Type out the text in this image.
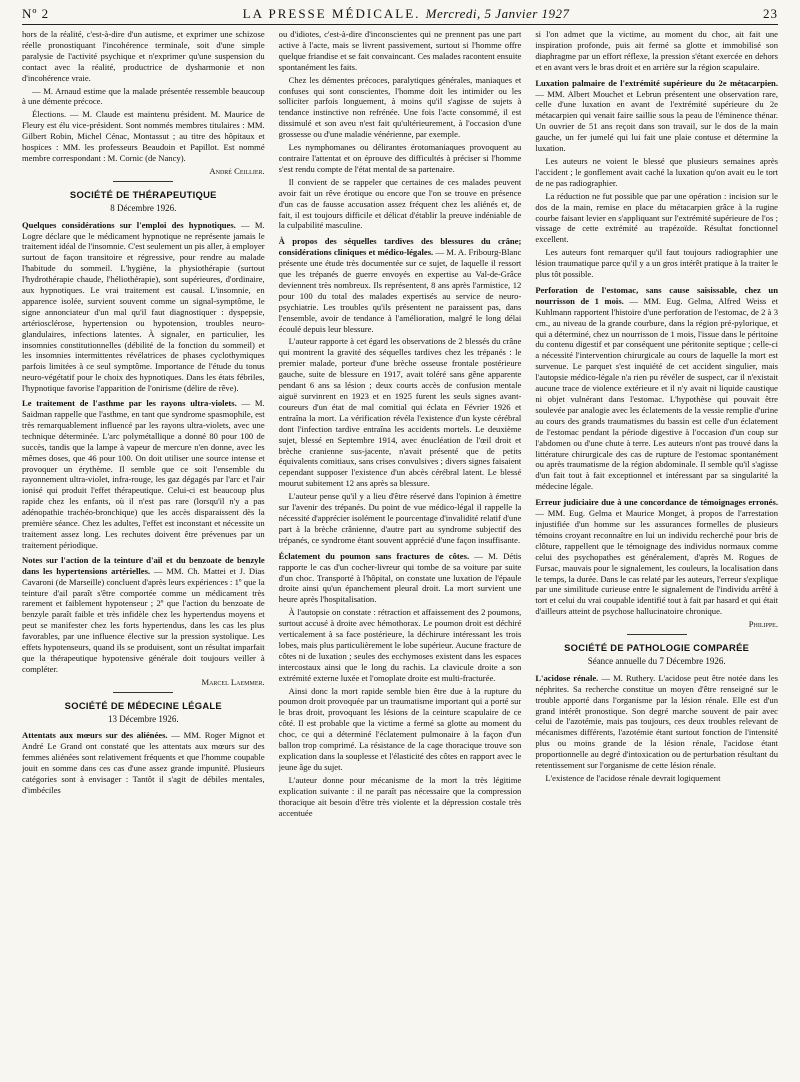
Nº 2	LA PRESSE MÉDICALE. Mercredi, 5 Janvier 1927	23

hors de la réalité, c'est-à-dire d'un autisme, et exprimer une schizose réelle pronostiquant l'incohérence terminale, soit d'une simple paralysie de l'activité psychique et n'exprimer qu'une suspension du contact avec la réalité, productrice de dysharmonie et non d'incohérence vraie.

— M. Arnaud estime que la malade présentée ressemble beaucoup à une démente précoce.

Élections. — M. Claude est maintenu président. M. Maurice de Fleury est élu vice-président. Sont nommés membres titulaires : MM. Gilbert Robin, Michel Cénac, Montassut ; au titre des hôpitaux et hospices : MM. les professeurs Beaudoin et Papillot. Est nommé membre correspondant : M. Cornic (de Nancy).

André Ceillier.
SOCIÉTÉ DE THÉRAPEUTIQUE
8 Décembre 1926.

Quelques considérations sur l'emploi des hypnotiques. — M. Logre déclare que le médicament hypnotique ne représente jamais le traitement idéal de l'insomnie. C'est seulement un pis aller, à employer surtout de façon transitoire et régressive, pour rendre au malade l'habitude du sommeil. L'hygiène, la physiothérapie (surtout l'hydrothérapie chaude, l'héliothérapie), sont supérieures, d'ordinaire, aux hypnotiques. Le vrai traitement est causal. L'insomnie, en apparence isolée, survient souvent comme un signal-symptôme, le signe annonciateur d'un mal qu'il faut diagnostiquer : dyspepsie, artériosclérose, hypertension ou hypotension, troubles neuro-glandulaires, infections latentes. À signaler, en particulier, les insomnies constitutionnelles (débilité de la fonction du sommeil) et les insomnies intermittentes révélatrices de phases cyclothymiques parfois limitées à ce seul symptôme. Importance de l'étude du tonus neuro-végétatif pour le choix des hypnotiques. Dans les états fébriles, l'hypnotique favorise l'apparition de l'onirisme (délire de rêve).

Le traitement de l'asthme par les rayons ultra-violets. — M. Saidman rappelle que l'asthme, en tant que syndrome spasmophile, est très remarquablement influencé par les rayons ultra-violets, avec une technique déterminée. L'arc polymétallique a donné 80 pour 100 de succès, tandis que la lampe à vapeur de mercure n'en donne, avec les mêmes doses, que 46 pour 100. On doit utiliser une source intense et provoquer un érythème. Il semble que ce soit l'ensemble du rayonnement ultra-violet, infra-rouge, les gaz dégagés par l'arc et l'air ionisé qui produit l'effet thérapeutique. Celui-ci est beaucoup plus rapide chez les enfants, où il n'est pas rare (lorsqu'il n'y a pas adénopathie trachéo-bronchique) que les accès disparaissent dès la première séance. Chez les adultes, l'effet est inconstant et nécessite un traitement assez long. Les rechutes doivent être prévenues par un traitement périodique.

Notes sur l'action de la teinture d'ail et du benzoate de benzyle dans les hypertensions artérielles. — MM. Ch. Mattei et J. Dias Cavaroni (de Marseille) concluent d'après leurs expériences : 1º que la teinture d'ail paraît s'être comportée comme un médicament très rarement et faiblement hypotenseur ; 2º que l'action du benzoate de benzyle paraît faible et très infidèle chez les hypertendus moyens et peut se manifester chez les forts hypertendus, dans les cas les plus favorables, par une influence élective sur la pression systolique. Les effets hypotenseurs, quand ils se produisent, sont un résultat imparfait que la thérapeutique hypotensive générale doit toujours veiller à compléter.

Marcel Laemmer.
SOCIÉTÉ DE MÉDECINE LÉGALE
13 Décembre 1926.

Attentats aux mœurs sur des aliénées. — MM. Roger Mignot et André Le Grand ont constaté que les attentats aux mœurs sur des femmes aliénées sont relativement fréquents et que l'homme coupable jouit en somme dans ces cas d'une assez grande impunité. Plusieurs catégories sont à envisager : Tantôt il s'agit de débiles mentales, d'imbéciles

ou d'idiotes, c'est-à-dire d'inconscientes qui ne prennent pas une part active à l'acte, mais se livrent passivement, surtout si l'homme offre quelque friandise et se fait convaincant. Ces malades racontent ensuite spontanément les faits.

Chez les démentes précoces, paralytiques générales, maniaques et confuses qui sont conscientes, l'homme doit les intimider ou les solliciter parfois longuement, à moins qu'il s'agisse de sujets à tendance instinctive non refrénée. Une fois l'acte consommé, il est dissimulé et son aveu n'est fait qu'ultérieurement, à l'occasion d'une grossesse ou d'une maladie vénérienne, par exemple.

Les nymphomanes ou délirantes érotomaniaques provoquent au contraire l'attentat et on éprouve des difficultés à préciser si l'homme s'est rendu compte de l'état mental de sa partenaire.

Il convient de se rappeler que certaines de ces malades peuvent avoir fait un rêve érotique ou encore que l'on se trouve en présence d'un cas de fausse accusation assez fréquent chez les aliénés et, de fait, il est toujours difficile et délicat d'établir la preuve indéniable de la culpabilité masculine.

À propos des séquelles tardives des blessures du crâne; considérations cliniques et médico-légales. — M. A. Fribourg-Blanc présente une étude très documentée sur ce sujet, de laquelle il ressort que les trépanés de guerre envoyés en expertise au Val-de-Grâce deviennent très nombreux. Ils représentent, 8 ans après l'armistice, 12 pour 100 du total des malades expertisés au service de neuro-psychiatrie. Les troubles qu'ils présentent ne paraissent pas, dans l'ensemble, avoir de tendance à l'amélioration, malgré le long délai écoulé depuis leur blessure.

L'auteur rapporte à cet égard les observations de 2 blessés du crâne qui montrent la gravité des séquelles tardives chez les trépanés : le premier malade, porteur d'une brèche osseuse frontale postérieure gauche, suite de blessure en 1917, avait toléré sans gêne apparente pendant 6 ans sa lésion ; deux courts accès de confusion mentale aiguë survinrent en 1923 et en 1925 furent les seuls signes avant-coureurs d'un état de mal comitial qui éclata en Février 1926 et entraîna la mort. La vérification révéla l'existence d'un kyste cérébral dont l'infection tardive entraîna les accidents mortels. Le deuxième sujet, blessé en Septembre 1914, avec énucléation de l'œil droit et brèche cranienne sus-jacente, n'avait présenté que de petits équivalents comitiaux, sans crises convulsives ; divers signes faisaient cependant supposer l'existence d'un abcès cérébral latent. Le blessé mourut subitement 12 ans après sa blessure.

L'auteur pense qu'il y a lieu d'être réservé dans l'opinion à émettre sur l'avenir des trépanés. Du point de vue médico-légal il rappelle la nécessité d'apprécier isolément le pourcentage d'invalidité relatif d'une part à la brèche crânienne, d'autre part au syndrome subjectif des trépanés, ce syndrome étant souvent apprécié d'une façon insuffisante.

Éclatement du poumon sans fractures de côtes. — M. Détis rapporte le cas d'un cocher-livreur qui tombe de sa voiture par suite d'un choc. Transporté à l'hôpital, on constate une luxation de l'épaule droite ainsi qu'un épanchement pleural droit. La mort survient une heure après l'hospitalisation.

À l'autopsie on constate : rétraction et affaissement des 2 poumons, surtout accusé à droite avec hémothorax. Le poumon droit est déchiré verticalement à sa face postérieure, la déchirure intéressant les trois lobes, mais plus particulièrement le lobe supérieur. Aucune fracture de côtes ni de luxation ; seules des ecchymoses existent dans les espaces intercostaux ainsi que le long du rachis. La clavicule droite a son extrémité externe luxée et l'omoplate droite est multi-fracturée.

Ainsi donc la mort rapide semble bien être due à la rupture du poumon droit provoquée par un traumatisme important qui a porté sur le bras droit, provoquant les lésions de la ceinture scapulaire de ce côté. Il est probable que la victime a fermé sa glotte au moment du choc, ce qui a déterminé l'éclatement pulmonaire à la façon d'un ballon trop comprimé. La résistance de la cage thoracique trouve son explication dans la souplesse et l'élasticité des côtes en rapport avec le jeune âge du sujet.

L'auteur donne pour mécanisme de la mort la très légitime explication suivante : il ne paraît pas nécessaire que la compression thoracique ait besoin d'être très violente et la dépression costale très accentuée

si l'on admet que la victime, au moment du choc, ait fait une inspiration profonde, puis ait fermé sa glotte et immobilisé son diaphragme par un effort réflexe, la pression s'étant exercée en dehors et en avant vers le bras droit et en arrière sur la région scapulaire.

Luxation palmaire de l'extrémité supérieure du 2e métacarpien. — MM. Albert Mouchet et Lebrun présentent une observation rare, celle d'une luxation en avant de l'extrémité supérieure du 2e métacarpien qui venait faire saillie sous la peau de l'éminence thénar. Un ouvrier de 51 ans reçoit dans son travail, sur le dos de la main gauche, un fer jumelé qui lui fait une plaie contuse et détermine la luxation.

Les auteurs ne voient le blessé que plusieurs semaines après l'accident ; le gonflement avait caché la luxation qu'on avait eu le tort de ne pas radiographier.

La réduction ne fut possible que par une opération : incision sur le dos de la main, remise en place du métacarpien grâce à la rugine courbe faisant levier en s'appliquant sur l'extrémité supérieure de l'os ; vissage de cette extrémité au trapézoïde. Résultat fonctionnel excellent.

Les auteurs font remarquer qu'il faut toujours radiographier une lésion traumatique parce qu'il y a un gros intérêt pratique à la traiter le plus tôt possible.

Perforation de l'estomac, sans cause saisissable, chez un nourrisson de 1 mois. — MM. Eug. Gelma, Alfred Weiss et Kuhlmann rapportent l'histoire d'une perforation de l'estomac, de 2 à 3 cm., au niveau de la grande courbure, dans la région pré-pylorique, et qui a déterminé, chez un nourrisson de 1 mois, l'issue dans le péritoine du contenu digestif et par conséquent une péritonite septique ; celle-ci a nécessité l'intervention chirurgicale au cours de laquelle la mort est survenue. Le parquet s'est inquiété de cet accident singulier, mais l'autopsie médico-légale n'a rien pu révéler de suspect, car il n'existait aucune trace de violence extérieure et il n'y avait ni liquide caustique ni objet vulnérant dans l'estomac. L'hypothèse qui pouvait être soulevée par analogie avec les éclatements de la vessie remplie d'urine au cours des grands traumatismes du bassin est celle d'un éclatement de l'estomac pendant la période digestive à l'occasion d'un coup sur l'abdomen ou d'une chute à terre. Les auteurs n'ont pas trouvé dans la littérature chirurgicale des cas de rupture de l'estomac spontanément ou après traumatisme de la région abdominale. Il semble qu'il s'agisse d'un fait tout à fait exceptionnel et intéressant par sa singularité la médecine légale.

Erreur judiciaire due à une concordance de témoignages erronés. — MM. Eug. Gelma et Maurice Monget, à propos de l'arrestation injustifiée d'un homme sur les assurances formelles de plusieurs témoins croyant reconnaître en lui un individu recherché pour bris de clôture, rappellent que le témoignage des individus normaux comme celui des psychopathes est généralement, d'après M. Rogues de Fursac, mauvais pour le signalement, les couleurs, la localisation dans le temps, la durée. Dans le cas relaté par les auteurs, l'erreur s'explique par une similitude curieuse entre le signalement de l'individu arrêté à tort et celui du vrai coupable identifié tout à fait par hasard et qui était d'ailleurs atteint de psychose hallucinatoire chronique.

Philippe.
SOCIÉTÉ DE PATHOLOGIE COMPARÉE
Séance annuelle du 7 Décembre 1926.

L'acidose rénale. — M. Ruthery. L'acidose peut être notée dans les néphrites. Sa recherche constitue un moyen d'être renseigné sur le trouble apporté dans l'organisme par la lésion rénale. Elle est d'un grand intérêt pronostique. Son degré marche souvent de pair avec celui de l'azotémie, mais pas toujours, ces deux troubles relevant de mécanismes différents, l'azotémie étant surtout fonction de l'intensité plus ou moins grande de la lésion rénale, l'acidose étant proportionnelle au degré d'intoxication ou de perturbation résultant du retentissement sur l'organisme de cette lésion rénale.

L'existence de l'acidose rénale devrait logiquement
